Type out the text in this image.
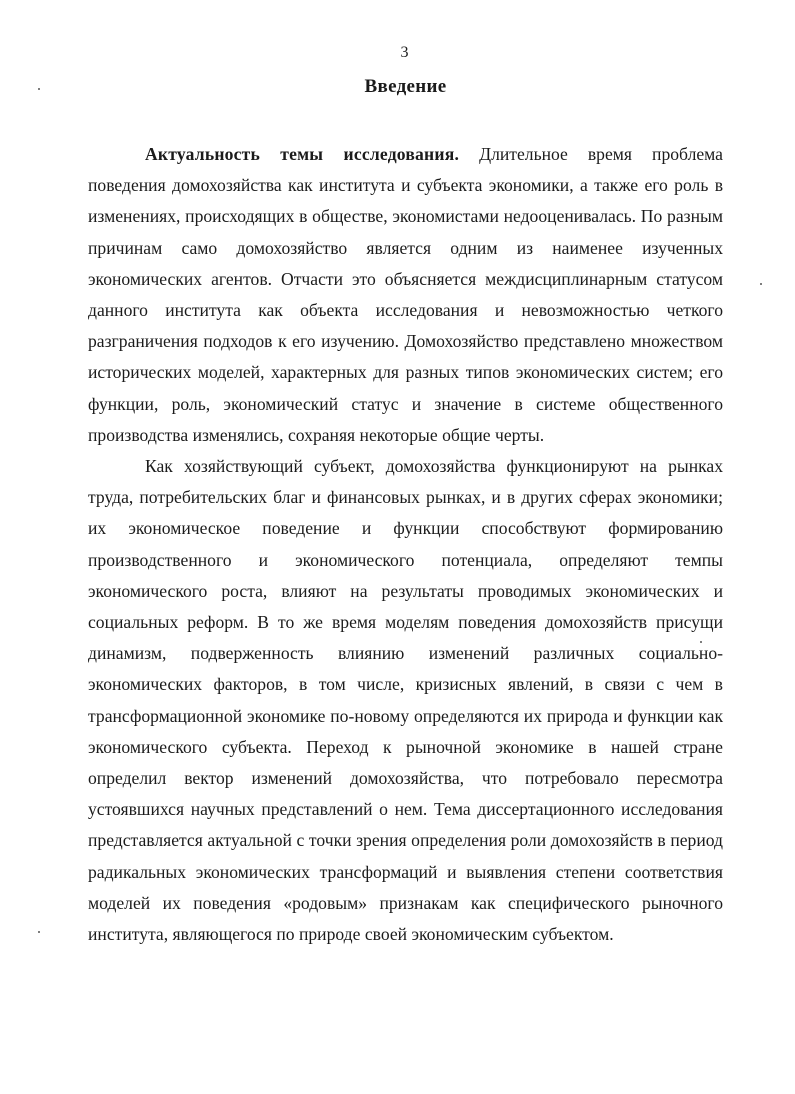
3
Введение

Актуальность темы исследования. Длительное время проблема поведения домохозяйства как института и субъекта экономики, а также его роль в изменениях, происходящих в обществе, экономистами недооценивалась. По разным причинам само домохозяйство является одним из наименее изученных экономических агентов. Отчасти это объясняется междисциплинарным статусом данного института как объекта исследования и невозможностью четкого разграничения подходов к его изучению. Домохозяйство представлено множеством исторических моделей, характерных для разных типов экономических систем; его функции, роль, экономический статус и значение в системе общественного производства изменялись, сохраняя некоторые общие черты.

Как хозяйствующий субъект, домохозяйства функционируют на рынках труда, потребительских благ и финансовых рынках, и в других сферах экономики; их экономическое поведение и функции способствуют формированию производственного и экономического потенциала, определяют темпы экономического роста, влияют на результаты проводимых экономических и социальных реформ. В то же время моделям поведения домохозяйств присущи динамизм, подверженность влиянию изменений различных социально-экономических факторов, в том числе, кризисных явлений, в связи с чем в трансформационной экономике по-новому определяются их природа и функции как экономического субъекта. Переход к рыночной экономике в нашей стране определил вектор изменений домохозяйства, что потребовало пересмотра устоявшихся научных представлений о нем. Тема диссертационного исследования представляется актуальной с точки зрения определения роли домохозяйств в период радикальных экономических трансформаций и выявления степени соответствия моделей их поведения «родовым» признакам как специфического рыночного института, являющегося по природе своей экономическим субъектом.
